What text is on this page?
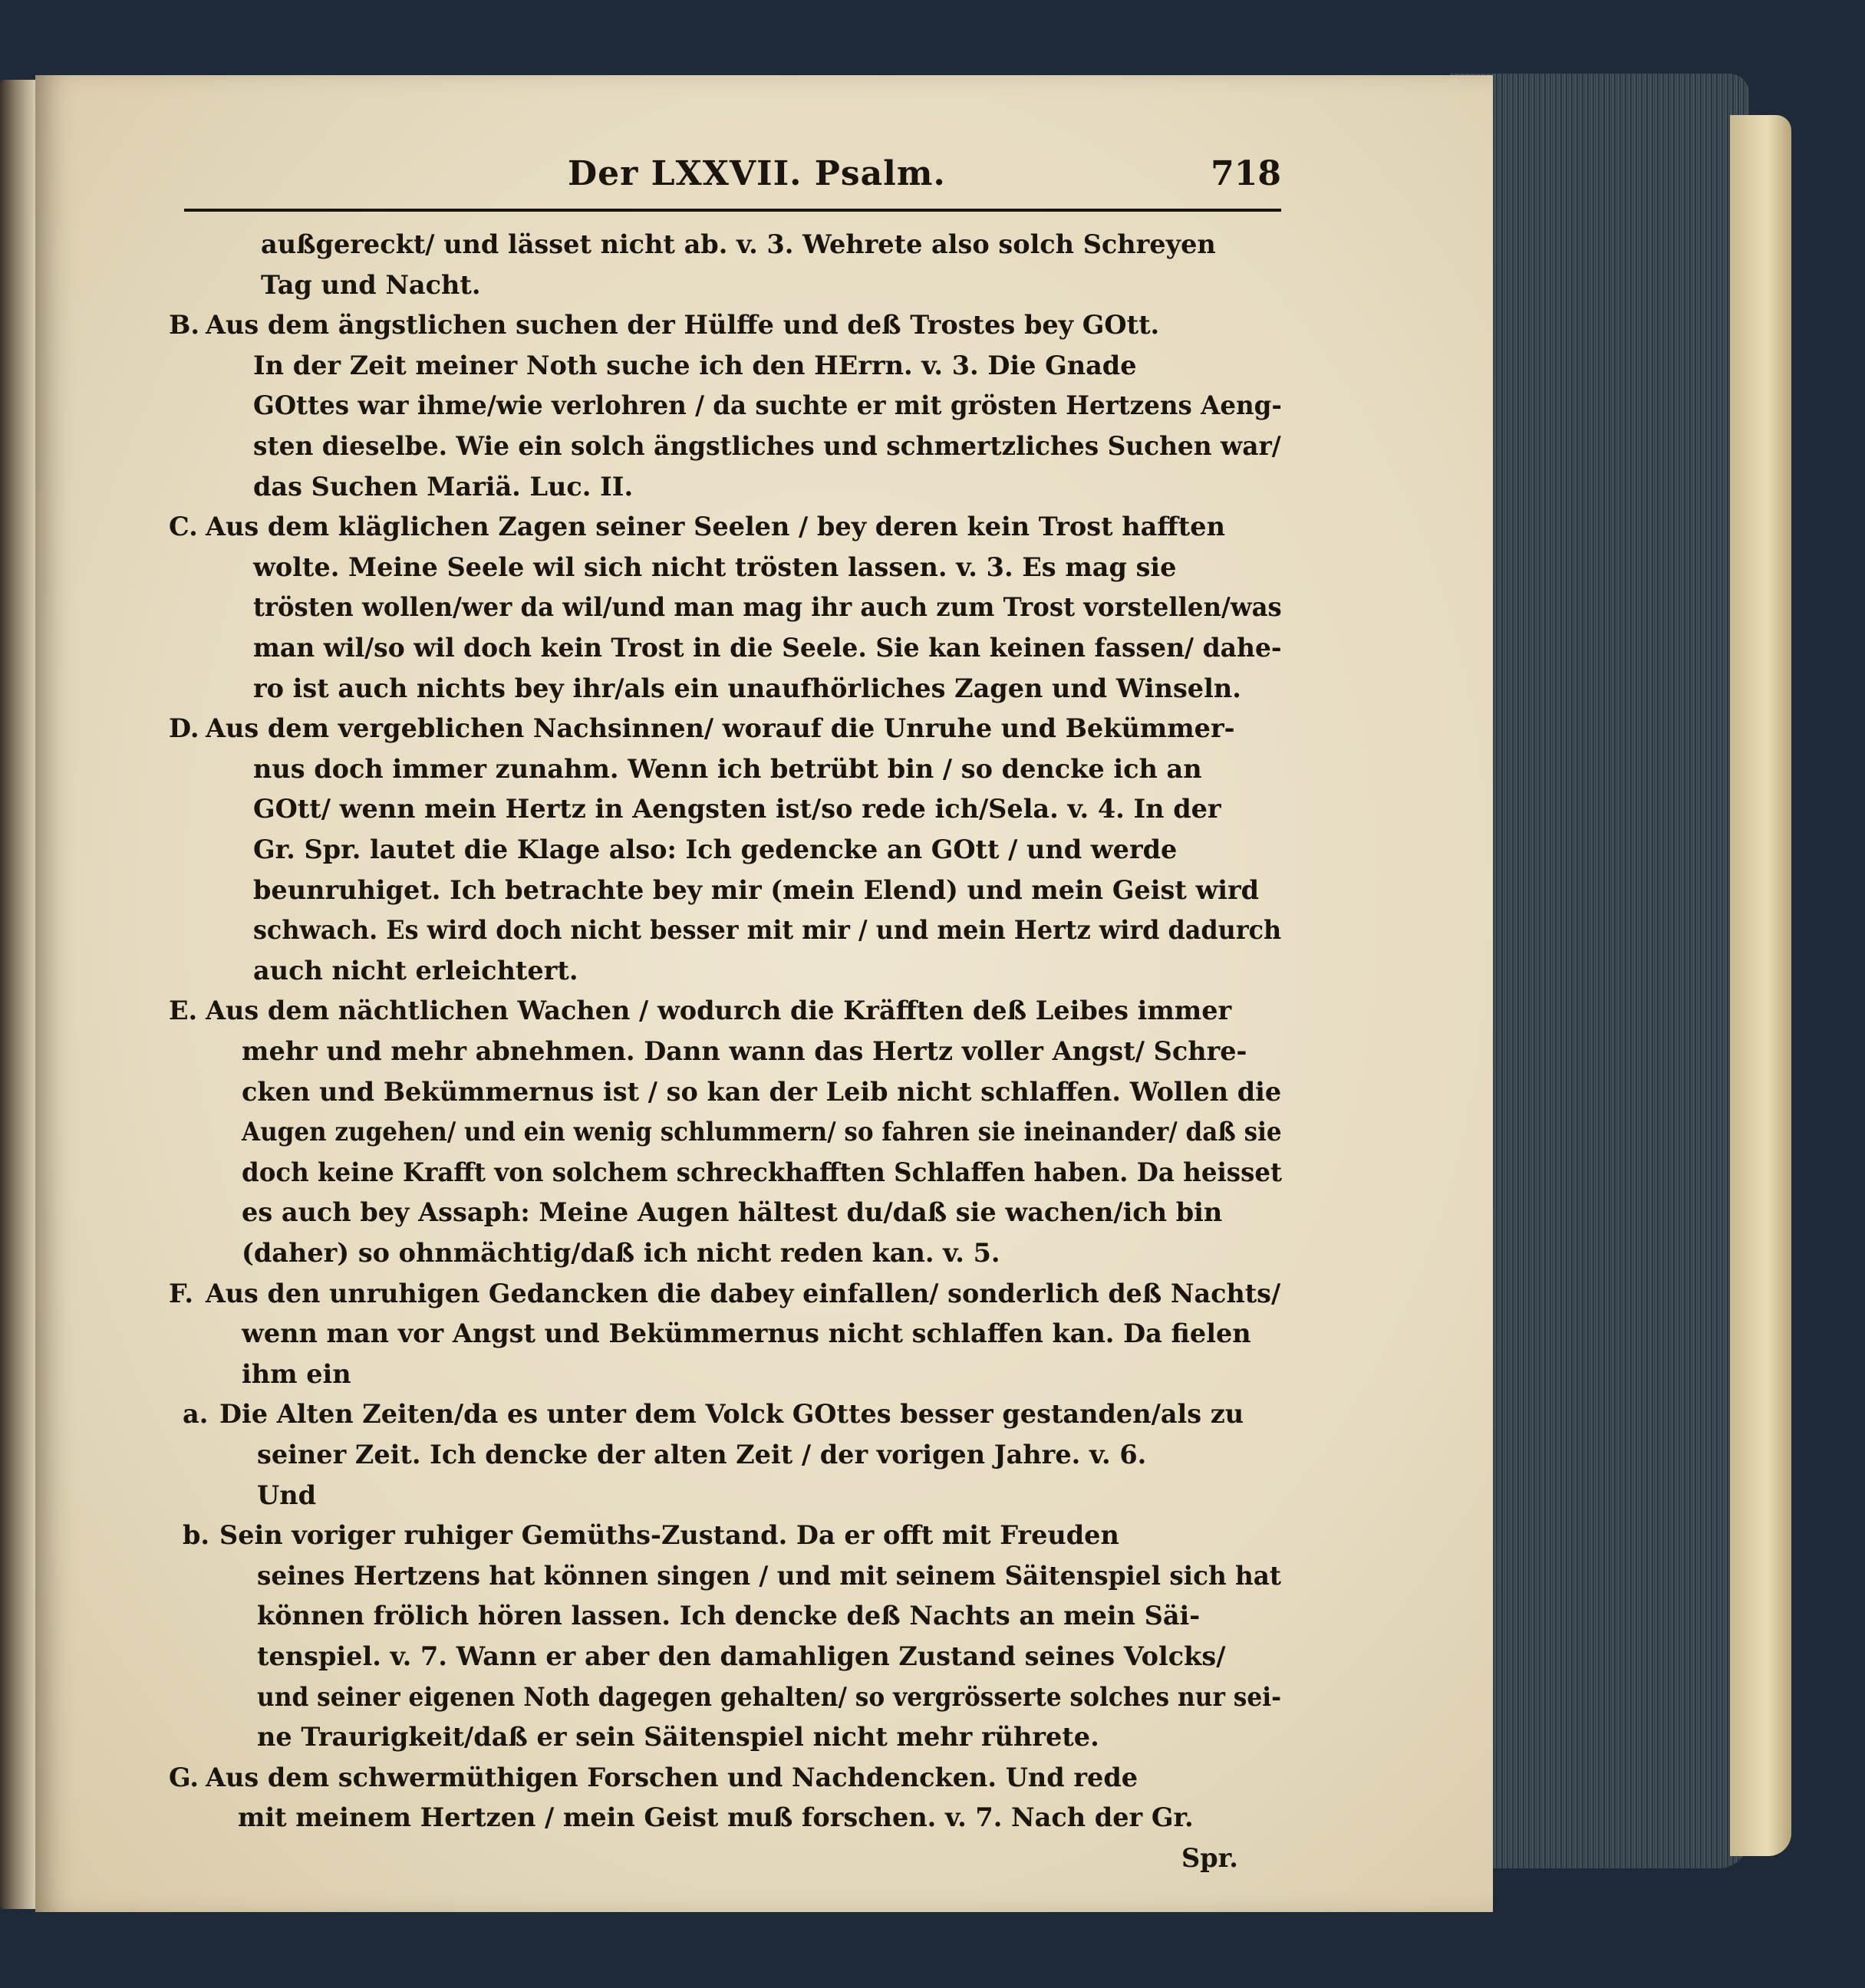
Der LXXVII. Psalm.	718
außgereckt/ und lässet nicht ab. v. 3. Wehrete also solch Schreyen
Tag und Nacht.
B. Aus dem ängstlichen suchen der Hülffe und deß Trostes bey GOtt.
In der Zeit meiner Noth suche ich den HErrn. v. 3. Die Gnade
GOttes war ihme/wie verlohren / da suchte er mit grösten Hertzens Aeng-
sten dieselbe. Wie ein solch ängstliches und schmertzliches Suchen war/
das Suchen Mariä. Luc. II.
C. Aus dem kläglichen Zagen seiner Seelen / bey deren kein Trost hafften
wolte. Meine Seele wil sich nicht trösten lassen. v. 3. Es mag sie
trösten wollen/wer da wil/und man mag ihr auch zum Trost vorstellen/was
man wil/so wil doch kein Trost in die Seele. Sie kan keinen fassen/ dahe-
ro ist auch nichts bey ihr/als ein unaufhörliches Zagen und Winseln.
D. Aus dem vergeblichen Nachsinnen/ worauf die Unruhe und Bekümmer-
nus doch immer zunahm. Wenn ich betrübt bin / so dencke ich an
GOtt/ wenn mein Hertz in Aengsten ist/so rede ich/Sela. v. 4. In der
Gr. Spr. lautet die Klage also: Ich gedencke an GOtt / und werde
beunruhiget. Ich betrachte bey mir (mein Elend) und mein Geist wird
schwach. Es wird doch nicht besser mit mir / und mein Hertz wird dadurch
auch nicht erleichtert.
E. Aus dem nächtlichen Wachen / wodurch die Kräfften deß Leibes immer
mehr und mehr abnehmen. Dann wann das Hertz voller Angst/ Schre-
cken und Bekümmernus ist / so kan der Leib nicht schlaffen. Wollen die
Augen zugehen/ und ein wenig schlummern/ so fahren sie ineinander/ daß sie
doch keine Krafft von solchem schreckhafften Schlaffen haben. Da heisset
es auch bey Assaph: Meine Augen hältest du/daß sie wachen/ich bin
(daher) so ohnmächtig/daß ich nicht reden kan. v. 5.
F. Aus den unruhigen Gedancken die dabey einfallen/ sonderlich deß Nachts/
wenn man vor Angst und Bekümmernus nicht schlaffen kan. Da fielen
ihm ein
a. Die Alten Zeiten/da es unter dem Volck GOttes besser gestanden/als zu
seiner Zeit. Ich dencke der alten Zeit / der vorigen Jahre. v. 6.
Und
b. Sein voriger ruhiger Gemüths-Zustand. Da er offt mit Freuden
seines Hertzens hat können singen / und mit seinem Säitenspiel sich hat
können frölich hören lassen. Ich dencke deß Nachts an mein Säi-
tenspiel. v. 7. Wann er aber den damahligen Zustand seines Volcks/
und seiner eigenen Noth dagegen gehalten/ so vergrösserte solches nur sei-
ne Traurigkeit/daß er sein Säitenspiel nicht mehr rührete.
G. Aus dem schwermüthigen Forschen und Nachdencken. Und rede
mit meinem Hertzen / mein Geist muß forschen. v. 7. Nach der Gr.
Spr.
